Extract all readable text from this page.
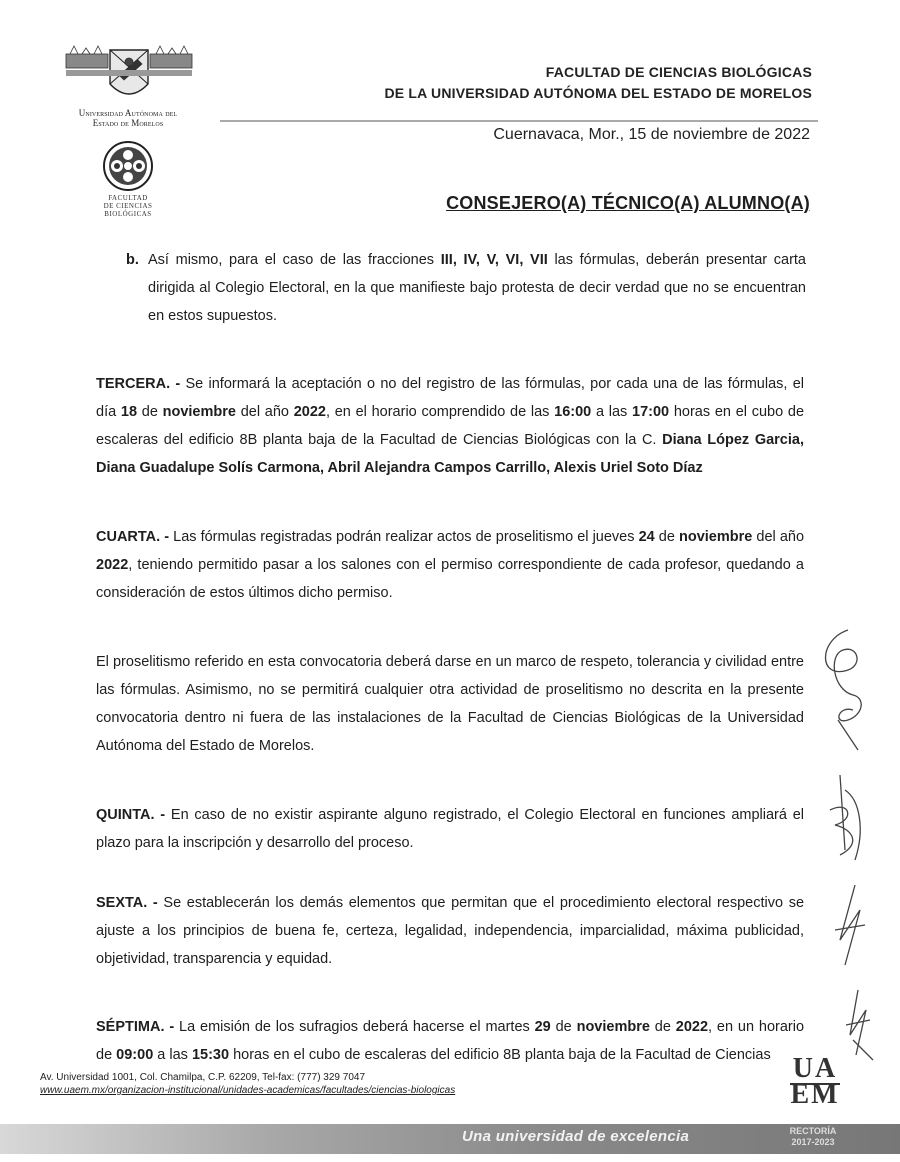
Universidad Autónoma del
Estado de Morelos
FACULTAD
DE CIENCIAS
BIOLÓGICAS
FACULTAD DE CIENCIAS BIOLÓGICAS
DE LA UNIVERSIDAD AUTÓNOMA DEL ESTADO DE MORELOS
Cuernavaca, Mor., 15 de noviembre de 2022
CONSEJERO(A) TÉCNICO(A) ALUMNO(A)
b. Así mismo, para el caso de las fracciones III, IV, V, VI, VII las fórmulas, deberán presentar carta dirigida al Colegio Electoral, en la que manifieste bajo protesta de decir verdad que no se encuentran en estos supuestos.
TERCERA. - Se informará la aceptación o no del registro de las fórmulas, por cada una de las fórmulas, el día 18 de noviembre del año 2022, en el horario comprendido de las 16:00 a las 17:00 horas en el cubo de escaleras del edificio 8B planta baja de la Facultad de Ciencias Biológicas con la C. Diana López Garcia, Diana Guadalupe Solís Carmona, Abril Alejandra Campos Carrillo, Alexis Uriel Soto Díaz
CUARTA. - Las fórmulas registradas podrán realizar actos de proselitismo el jueves 24 de noviembre del año 2022, teniendo permitido pasar a los salones con el permiso correspondiente de cada profesor, quedando a consideración de estos últimos dicho permiso.
El proselitismo referido en esta convocatoria deberá darse en un marco de respeto, tolerancia y civilidad entre las fórmulas. Asimismo, no se permitirá cualquier otra actividad de proselitismo no descrita en la presente convocatoria dentro ni fuera de las instalaciones de la Facultad de Ciencias Biológicas de la Universidad Autónoma del Estado de Morelos.
QUINTA. - En caso de no existir aspirante alguno registrado, el Colegio Electoral en funciones ampliará el plazo para la inscripción y desarrollo del proceso.
SEXTA. - Se establecerán los demás elementos que permitan que el procedimiento electoral respectivo se ajuste a los principios de buena fe, certeza, legalidad, independencia, imparcialidad, máxima publicidad, objetividad, transparencia y equidad.
SÉPTIMA. - La emisión de los sufragios deberá hacerse el martes 29 de noviembre de 2022, en un horario de 09:00 a las 15:30 horas en el cubo de escaleras del edificio 8B planta baja de la Facultad de Ciencias
Av. Universidad 1001, Col. Chamilpa, C.P. 62209, Tel-fax: (777) 329 7047
www.uaem.mx/organizacion-institucional/unidades-academicas/facultades/ciencias-biologicas
UA
EM
Una universidad de excelencia	RECTORÍA
2017-2023
